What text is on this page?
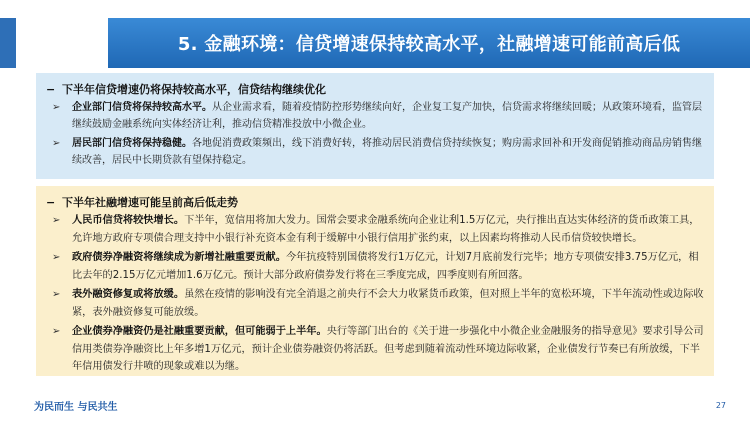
5. 金融环境：信贷增速保持较高水平，社融增速可能前高后低
− 下半年信贷增速仍将保持较高水平，信贷结构继续优化
➢	企业部门信贷将保持较高水平。从企业需求看，随着疫情防控形势继续向好，企业复工复产加快，信贷需求将继续回暖；从政策环境看，监管层继续鼓励金融系统向实体经济让利，推动信贷精准投放中小微企业。
➢	居民部门信贷将保持稳健。各地促消费政策频出，线下消费好转，将推动居民消费信贷持续恢复；购房需求回补和开发商促销推动商品房销售继续改善，居民中长期贷款有望保持稳定。
− 下半年社融增速可能呈前高后低走势
➢	人民币信贷将较快增长。下半年，宽信用将加大发力。国常会要求金融系统向企业让利1.5万亿元，央行推出直达实体经济的货币政策工具，允许地方政府专项债合理支持中小银行补充资本金有利于缓解中小银行信用扩张约束，以上因素均将推动人民币信贷较快增长。
➢	政府债券净融资将继续成为新增社融重要贡献。今年抗疫特别国债将发行1万亿元，计划7月底前发行完毕；地方专项债安排3.75万亿元，相比去年的2.15万亿元增加1.6万亿元。预计大部分政府债券发行将在三季度完成，四季度则有所回落。
➢	表外融资修复或将放缓。虽然在疫情的影响没有完全消退之前央行不会大力收紧货币政策，但对照上半年的宽松环境，下半年流动性或边际收紧，表外融资修复可能放缓。
➢	企业债券净融资仍是社融重要贡献，但可能弱于上半年。央行等部门出台的《关于进一步强化中小微企业金融服务的指导意见》要求引导公司信用类债券净融资比上年多增1万亿元，预计企业债券融资仍将活跃。但考虑到随着流动性环境边际收紧，企业债发行节奏已有所放缓，下半年信用债发行井喷的现象或难以为继。
为民而生 与民共生	27
